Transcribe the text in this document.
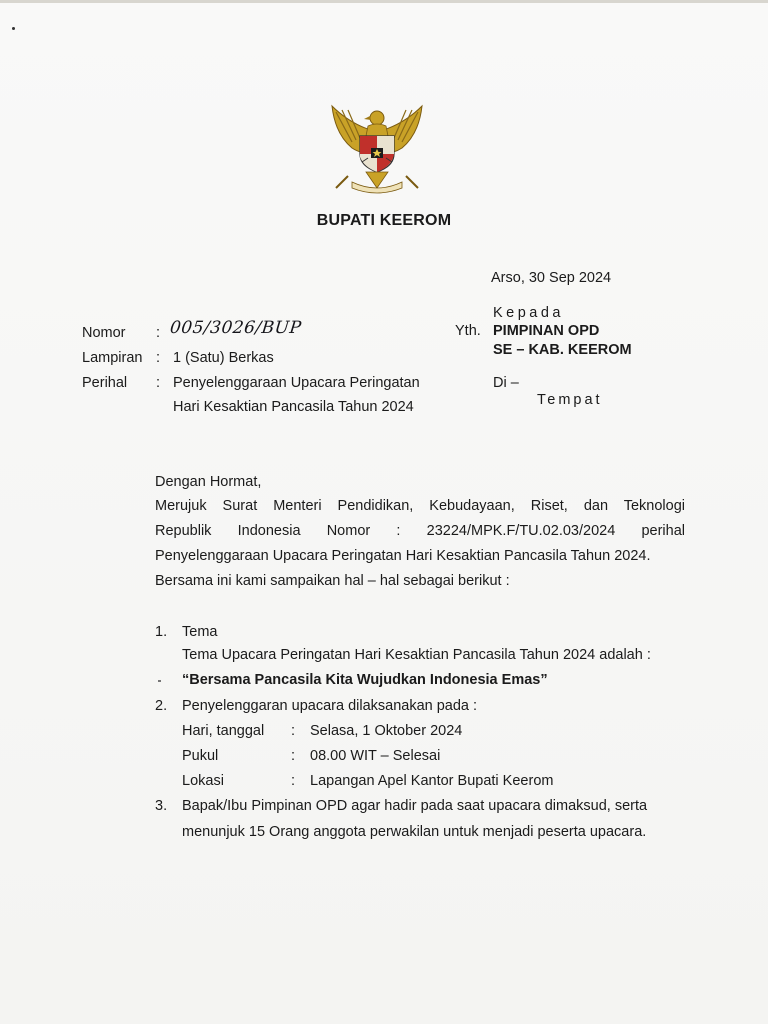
BUPATI KEEROM
Arso, 30 Sep 2024
Kepada
Yth. PIMPINAN OPD
SE – KAB. KEEROM
Di –
Tempat
Nomor : 005/3026/BUP
Lampiran : 1 (Satu) Berkas
Perihal : Penyelenggaraan Upacara Peringatan
Hari Kesaktian Pancasila Tahun 2024
Dengan Hormat,
Merujuk Surat Menteri Pendidikan, Kebudayaan, Riset, dan Teknologi
Republik Indonesia Nomor : 23224/MPK.F/TU.02.03/2024 perihal
Penyelenggaraan Upacara Peringatan Hari Kesaktian Pancasila Tahun 2024.
Bersama ini kami sampaikan hal – hal sebagai berikut :
1. Tema
Tema Upacara Peringatan Hari Kesaktian Pancasila Tahun 2024 adalah :
“Bersama Pancasila Kita Wujudkan Indonesia Emas”
2. Penyelenggaran upacara dilaksanakan pada :
Hari, tanggal : Selasa, 1 Oktober 2024
Pukul	: 08.00 WIT – Selesai
Lokasi	: Lapangan Apel Kantor Bupati Keerom
3. Bapak/Ibu Pimpinan OPD agar hadir pada saat upacara dimaksud, serta
menunjuk 15 Orang anggota perwakilan untuk menjadi peserta upacara.
